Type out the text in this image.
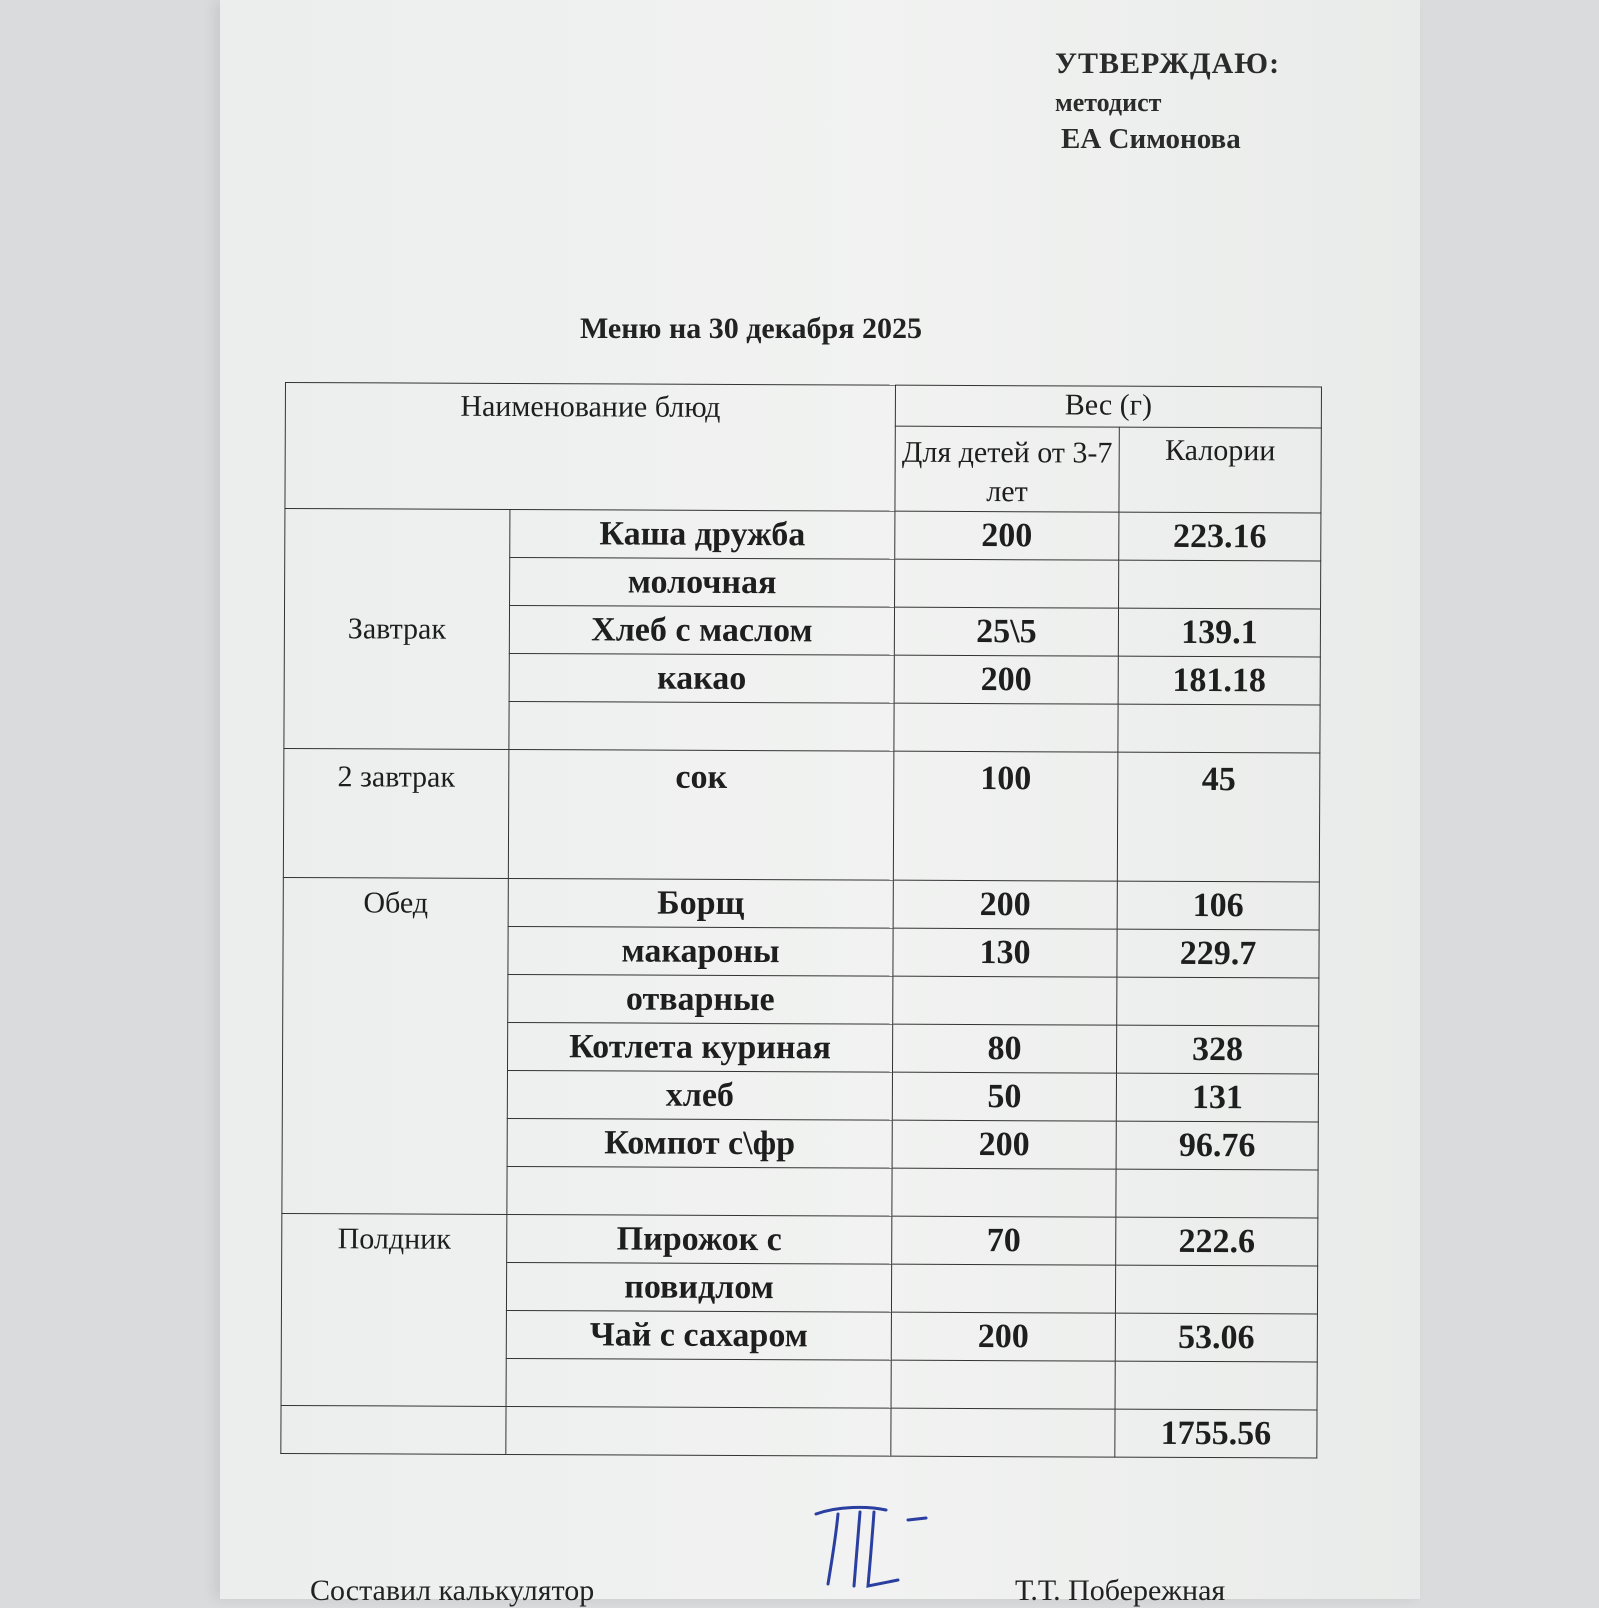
УТВЕРЖДАЮ:
методист
ЕА Симонова
Меню на 30 декабря 2025
Наименование блюд		Вес (г)	
		Для детей от 3-7 лет	Калории
Завтрак	Каша дружба	200	223.16
	молочная		
	Хлеб с маслом	25\5	139.1
	какао	200	181.18

2 завтрак	сок	100	45
Обед	Борщ	200	106
	макароны	130	229.7
	отварные		
	Котлета куриная	80	328
	хлеб	50	131
	Компот с\фр	200	96.76

Полдник	Пирожок с	70	222.6
	повидлом		
	Чай с сахаром	200	53.06

			1755.56
Составил калькулятор	Т.Т. Побережная
